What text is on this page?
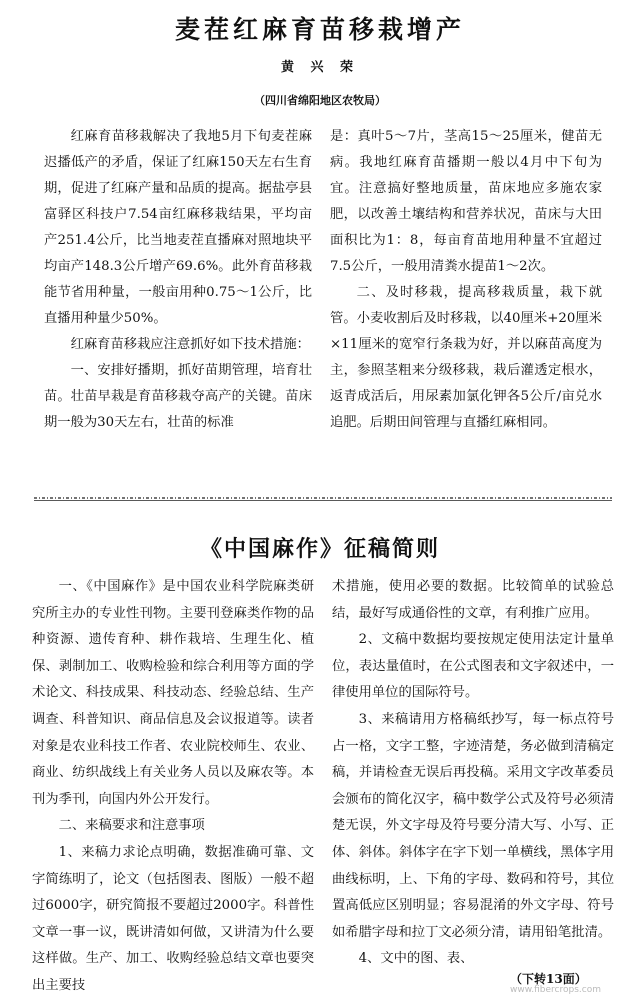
麦茬红麻育苗移栽增产
黄 兴 荣
（四川省绵阳地区农牧局）

红麻育苗移栽解决了我地5月下旬麦茬麻迟播低产的矛盾，保证了红麻150天左右生育期，促进了红麻产量和品质的提高。据盐亭县富驿区科技户7.54亩红麻移栽结果，平均亩产251.4公斤，比当地麦茬直播麻对照地块平均亩产148.3公斤增产69.6%。此外育苗移栽能节省用种量，一般亩用种0.75～1公斤，比直播用种量少50%。

红麻育苗移栽应注意抓好如下技术措施：

一、安排好播期，抓好苗期管理，培育壮苗。壮苗早栽是育苗移栽夺高产的关键。苗床期一般为30天左右，壮苗的标准

是：真叶5～7片，茎高15～25厘米，健苗无病。我地红麻育苗播期一般以4月中下旬为宜。注意搞好整地质量，苗床地应多施农家肥，以改善土壤结构和营养状况，苗床与大田面积比为1：8，每亩育苗地用种量不宜超过7.5公斤，一般用清粪水提苗1～2次。

二、及时移栽，提高移栽质量，栽下就管。小麦收割后及时移栽，以40厘米+20厘米×11厘米的宽窄行条栽为好，并以麻苗高度为主，参照茎粗来分级移栽，栽后灌透定根水，返青成活后，用尿素加氯化钾各5公斤/亩兑水追肥。后期田间管理与直播红麻相同。

《中国麻作》征稿简则

一、《中国麻作》是中国农业科学院麻类研究所主办的专业性刊物。主要刊登麻类作物的品种资源、遗传育种、耕作栽培、生理生化、植保、剥制加工、收购检验和综合利用等方面的学术论文、科技成果、科技动态、经验总结、生产调查、科普知识、商品信息及会议报道等。读者对象是农业科技工作者、农业院校师生、农业、商业、纺织战线上有关业务人员以及麻农等。本刊为季刊，向国内外公开发行。

二、来稿要求和注意事项

1、来稿力求论点明确，数据准确可靠、文字简练明了，论文（包括图表、图版）一般不超过6000字，研究简报不要超过2000字。科普性文章一事一议，既讲清如何做，又讲清为什么要这样做。生产、加工、收购经验总结文章也要突出主要技

术措施，使用必要的数据。比较简单的试验总结，最好写成通俗性的文章，有利推广应用。

2、文稿中数据均要按规定使用法定计量单位，表达量值时，在公式图表和文字叙述中，一律使用单位的国际符号。

3、来稿请用方格稿纸抄写，每一标点符号占一格，文字工整，字迹清楚，务必做到清稿定稿，并请检查无误后再投稿。采用文字改革委员会颁布的简化汉字，稿中数学公式及符号必须清楚无误，外文字母及符号要分清大写、小写、正体、斜体。斜体字在字下划一单横线，黑体字用曲线标明，上、下角的字母、数码和符号，其位置高低应区别明显；容易混淆的外文字母、符号如希腊字母和拉丁文必须分清，请用铅笔批清。

4、文中的图、表、

（下转13面）
www.fibercrops.com
